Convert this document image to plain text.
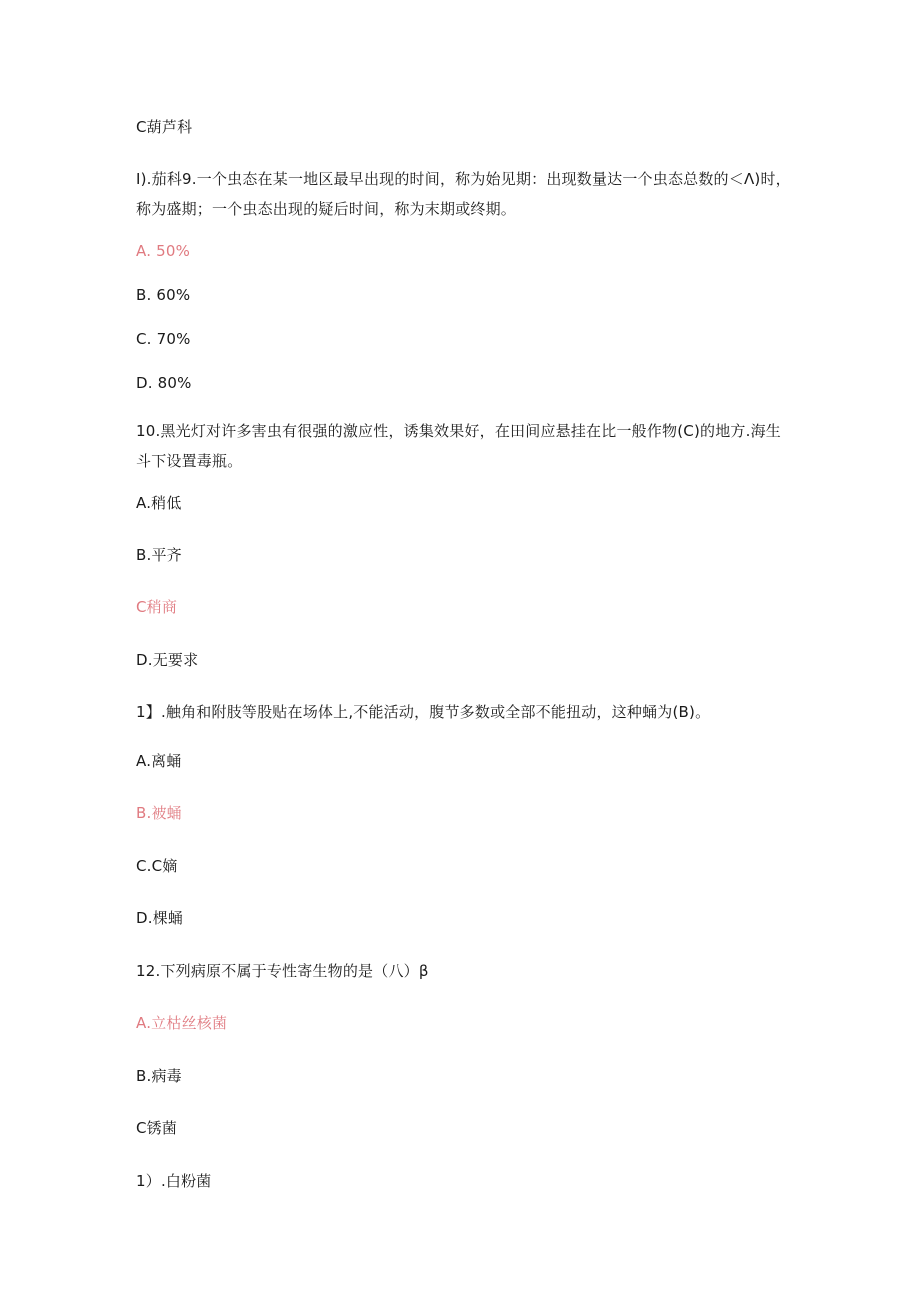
C葫芦科
I).茄科9.一个虫态在某一地区最早出现的时间，称为始见期：出现数量达一个虫态总数的＜Λ)时，称为盛期；一个虫态出现的疑后时间，称为末期或终期。
A. 50%
B. 60%
C. 70%
D. 80%
10.黑光灯对许多害虫有很强的激应性，诱集效果好，在田间应悬挂在比一般作物(C)的地方.海生斗下设置毒瓶。
A.稍低
B.平齐
C稍商
D.无要求
1】.触角和附肢等股贴在场体上,不能活动，腹节多数或全部不能扭动，这种蛹为(B)。
A.离蛹
B.被蛹
C.C嫡
D.棵蛹
12.下列病原不属于专性寄生物的是（八）β
A.立枯丝核菌
B.病毒
C锈菌
1）.白粉菌
